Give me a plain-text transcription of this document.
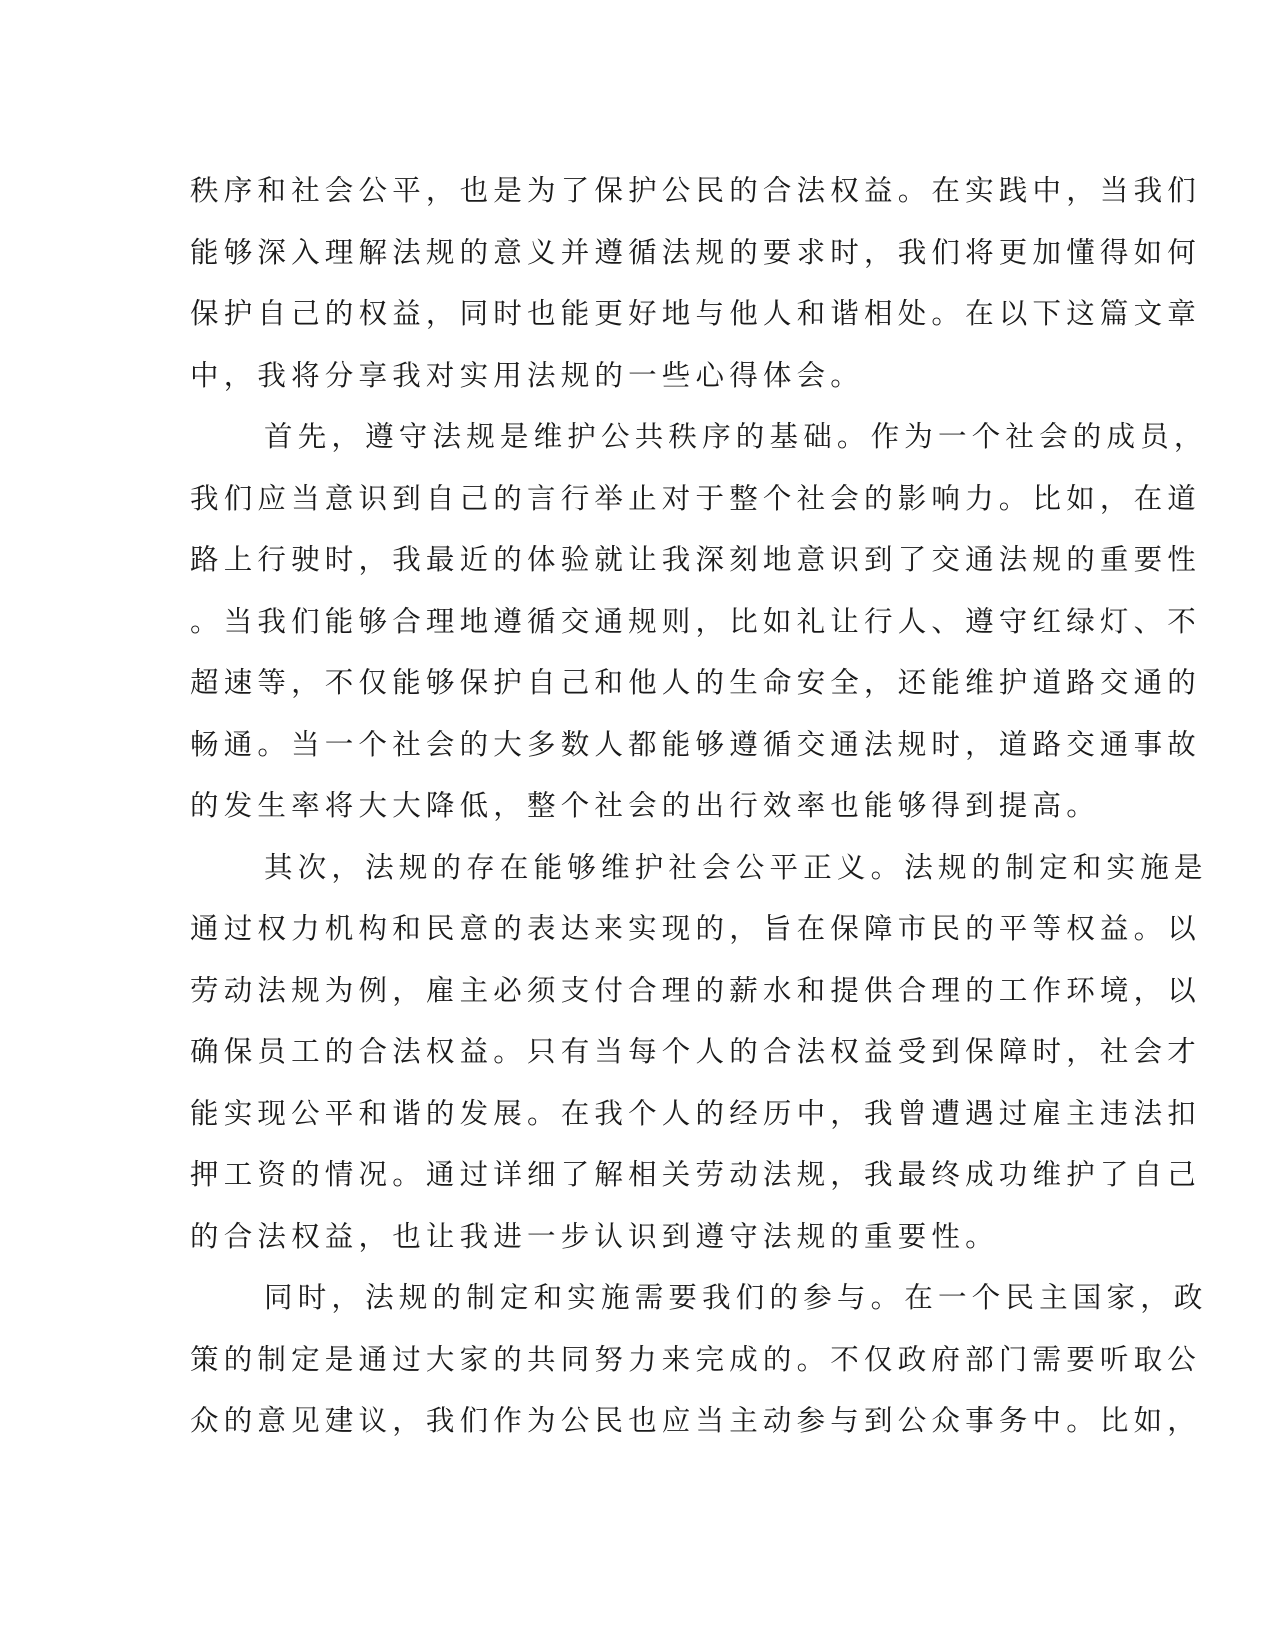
秩序和社会公平，也是为了保护公民的合法权益。在实践中，当我们
能够深入理解法规的意义并遵循法规的要求时，我们将更加懂得如何
保护自己的权益，同时也能更好地与他人和谐相处。在以下这篇文章
中，我将分享我对实用法规的一些心得体会。
首先，遵守法规是维护公共秩序的基础。作为一个社会的成员，
我们应当意识到自己的言行举止对于整个社会的影响力。比如，在道
路上行驶时，我最近的体验就让我深刻地意识到了交通法规的重要性
。当我们能够合理地遵循交通规则，比如礼让行人、遵守红绿灯、不
超速等，不仅能够保护自己和他人的生命安全，还能维护道路交通的
畅通。当一个社会的大多数人都能够遵循交通法规时，道路交通事故
的发生率将大大降低，整个社会的出行效率也能够得到提高。
其次，法规的存在能够维护社会公平正义。法规的制定和实施是
通过权力机构和民意的表达来实现的，旨在保障市民的平等权益。以
劳动法规为例，雇主必须支付合理的薪水和提供合理的工作环境，以
确保员工的合法权益。只有当每个人的合法权益受到保障时，社会才
能实现公平和谐的发展。在我个人的经历中，我曾遭遇过雇主违法扣
押工资的情况。通过详细了解相关劳动法规，我最终成功维护了自己
的合法权益，也让我进一步认识到遵守法规的重要性。
同时，法规的制定和实施需要我们的参与。在一个民主国家，政
策的制定是通过大家的共同努力来完成的。不仅政府部门需要听取公
众的意见建议，我们作为公民也应当主动参与到公众事务中。比如，
